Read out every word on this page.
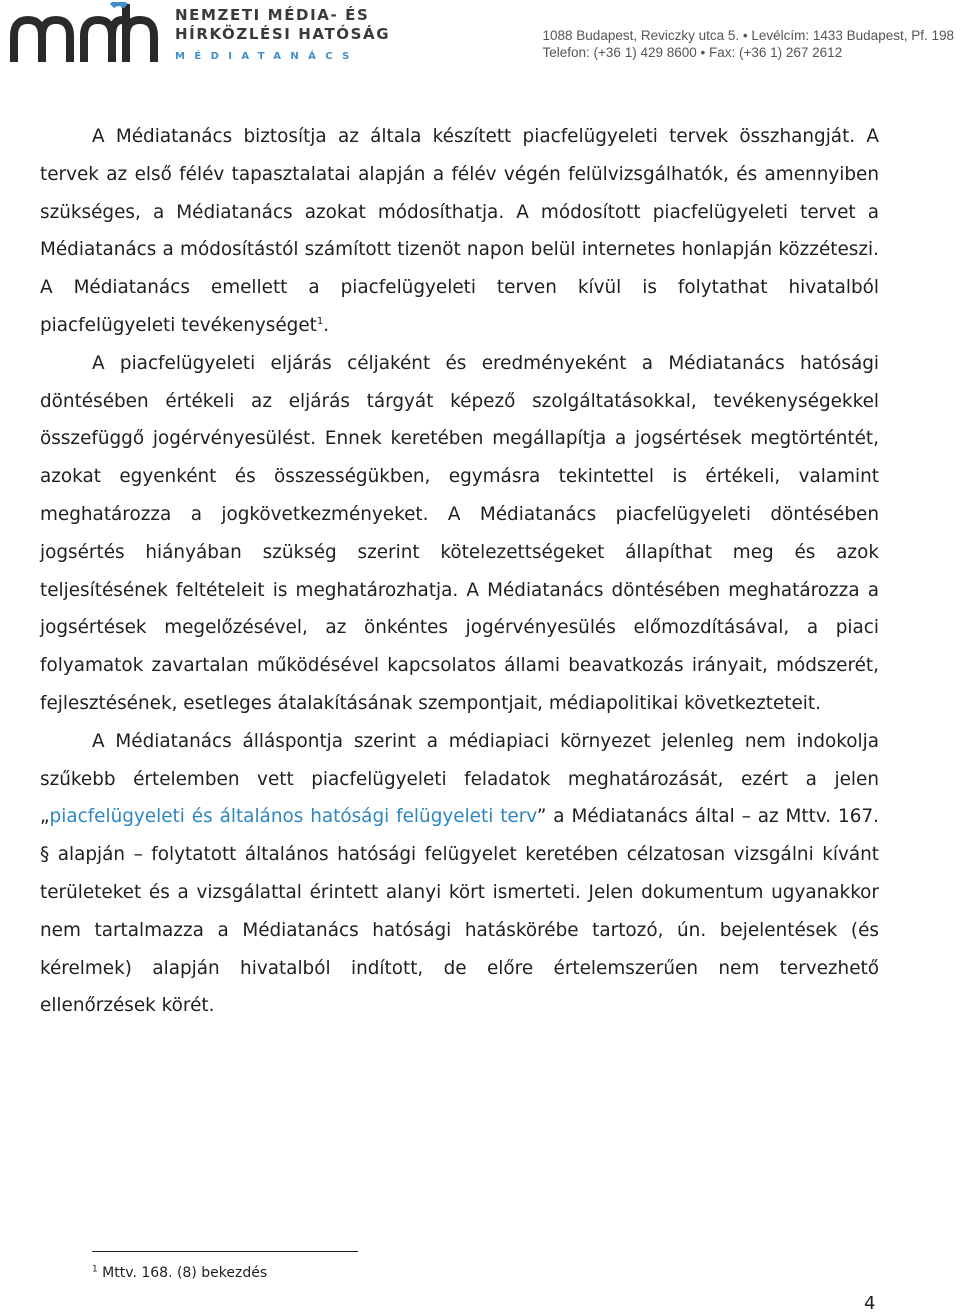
NEMZETI MÉDIA- ÉS
HÍRKÖZLÉSI HATÓSÁG
MÉDIATANÁCS
1088 Budapest, Reviczky utca 5. • Levélcím: 1433 Budapest, Pf. 198
Telefon: (+36 1) 429 8600 • Fax: (+36 1) 267 2612

A Médiatanács biztosítja az általa készített piacfelügyeleti tervek összhangját. A tervek az első félév tapasztalatai alapján a félév végén felülvizsgálhatók, és amennyiben szükséges, a Médiatanács azokat módosíthatja. A módosított piacfelügyeleti tervet a Médiatanács a módosítástól számított tizenöt napon belül internetes honlapján közzéteszi. A Médiatanács emellett a piacfelügyeleti terven kívül is folytathat hivatalból piacfelügyeleti tevékenységet$^1$.

A piacfelügyeleti eljárás céljaként és eredményeként a Médiatanács hatósági döntésében értékeli az eljárás tárgyát képező szolgáltatásokkal, tevékenységekkel összefüggő jogérvényesülést. Ennek keretében megállapítja a jogsértések megtörténtét, azokat egyenként és összességükben, egymásra tekintettel is értékeli, valamint meghatározza a jogkövetkezményeket. A Médiatanács piacfelügyeleti döntésében jogsértés hiányában szükség szerint kötelezettségeket állapíthat meg és azok teljesítésének feltételeit is meghatározhatja. A Médiatanács döntésében meghatározza a jogsértések megelőzésével, az önkéntes jogérvényesülés előmozdításával, a piaci folyamatok zavartalan működésével kapcsolatos állami beavatkozás irányait, módszerét, fejlesztésének, esetleges átalakításának szempontjait, médiapolitikai következteteit.

A Médiatanács álláspontja szerint a médiapiaci környezet jelenleg nem indokolja szűkebb értelemben vett piacfelügyeleti feladatok meghatározását, ezért a jelen „piacfelügyeleti és általános hatósági felügyeleti terv” a Médiatanács által – az Mttv. 167. § alapján – folytatott általános hatósági felügyelet keretében célzatosan vizsgálni kívánt területeket és a vizsgálattal érintett alanyi kört ismerteti. Jelen dokumentum ugyanakkor nem tartalmazza a Médiatanács hatósági hatáskörébe tartozó, ún. bejelentések (és kérelmek) alapján hivatalból indított, de előre értelemszerűen nem tervezhető ellenőrzések körét.

$^1$ Mttv. 168. (8) bekezdés
4
